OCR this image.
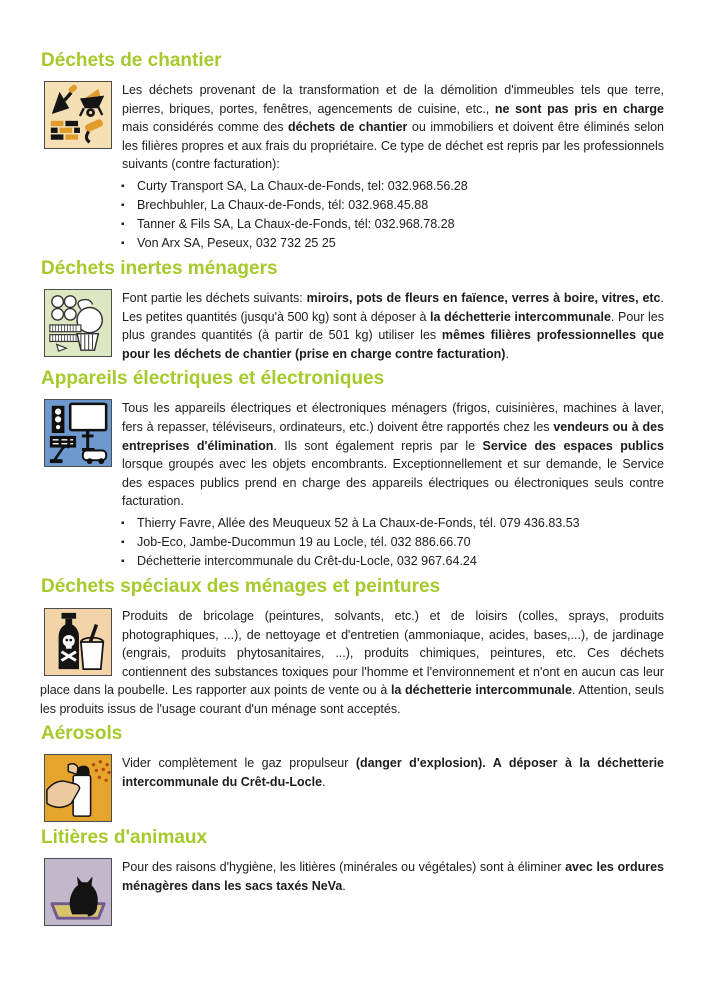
Déchets de chantier
Les déchets provenant de la transformation et de la démolition d'immeubles tels que terre, pierres, briques, portes, fenêtres, agencements de cuisine, etc., ne sont pas pris en charge mais considérés comme des déchets de chantier ou immobiliers et doivent être éliminés selon les filières propres et aux frais du propriétaire. Ce type de déchet est repris par les professionnels suivants (contre facturation):
▪ Curty Transport SA, La Chaux-de-Fonds, tel: 032.968.56.28
▪ Brechbuhler, La Chaux-de-Fonds, tél: 032.968.45.88
▪ Tanner & Fils SA, La Chaux-de-Fonds, tél: 032.968.78.28
▪ Von Arx SA, Peseux, 032 732 25 25
Déchets inertes ménagers
Font partie les déchets suivants: miroirs, pots de fleurs en faïence, verres à boire, vitres, etc. Les petites quantités (jusqu'à 500 kg) sont à déposer à la déchetterie intercommunale. Pour les plus grandes quantités (à partir de 501 kg) utiliser les mêmes filières professionnelles que pour les déchets de chantier (prise en charge contre facturation).
Appareils électriques et électroniques
Tous les appareils électriques et électroniques ménagers (frigos, cuisinières, machines à laver, fers à repasser, téléviseurs, ordinateurs, etc.) doivent être rapportés chez les vendeurs ou à des entreprises d'élimination. Ils sont également repris par le Service des espaces publics lorsque groupés avec les objets encombrants. Exceptionnellement et sur demande, le Service des espaces publics prend en charge des appareils électriques ou électroniques seuls contre facturation.
▪ Thierry Favre, Allée des Meuqueux 52 à La Chaux-de-Fonds, tél. 079 436.83.53
▪ Job-Eco, Jambe-Ducommun 19 au Locle, tél. 032 886.66.70
▪ Déchetterie intercommunale du Crêt-du-Locle, 032 967.64.24
Déchets spéciaux des ménages et peintures
Produits de bricolage (peintures, solvants, etc.) et de loisirs (colles, sprays, produits photographiques, ...), de nettoyage et d'entretien (ammoniaque, acides, bases,...), de jardinage (engrais, produits phytosanitaires, ...), produits chimiques, peintures, etc. Ces déchets contiennent des substances toxiques pour l'homme et l'environnement et n'ont en aucun cas leur place dans la poubelle. Les rapporter aux points de vente ou à la déchetterie intercommunale. Attention, seuls les produits issus de l'usage courant d'un ménage sont acceptés.
Aérosols
Vider complètement le gaz propulseur (danger d'explosion). A déposer à la déchetterie intercommunale du Crêt-du-Locle.
Litières d'animaux
Pour des raisons d'hygiène, les litières (minérales ou végétales) sont à éliminer avec les ordures ménagères dans les sacs taxés NeVa.
